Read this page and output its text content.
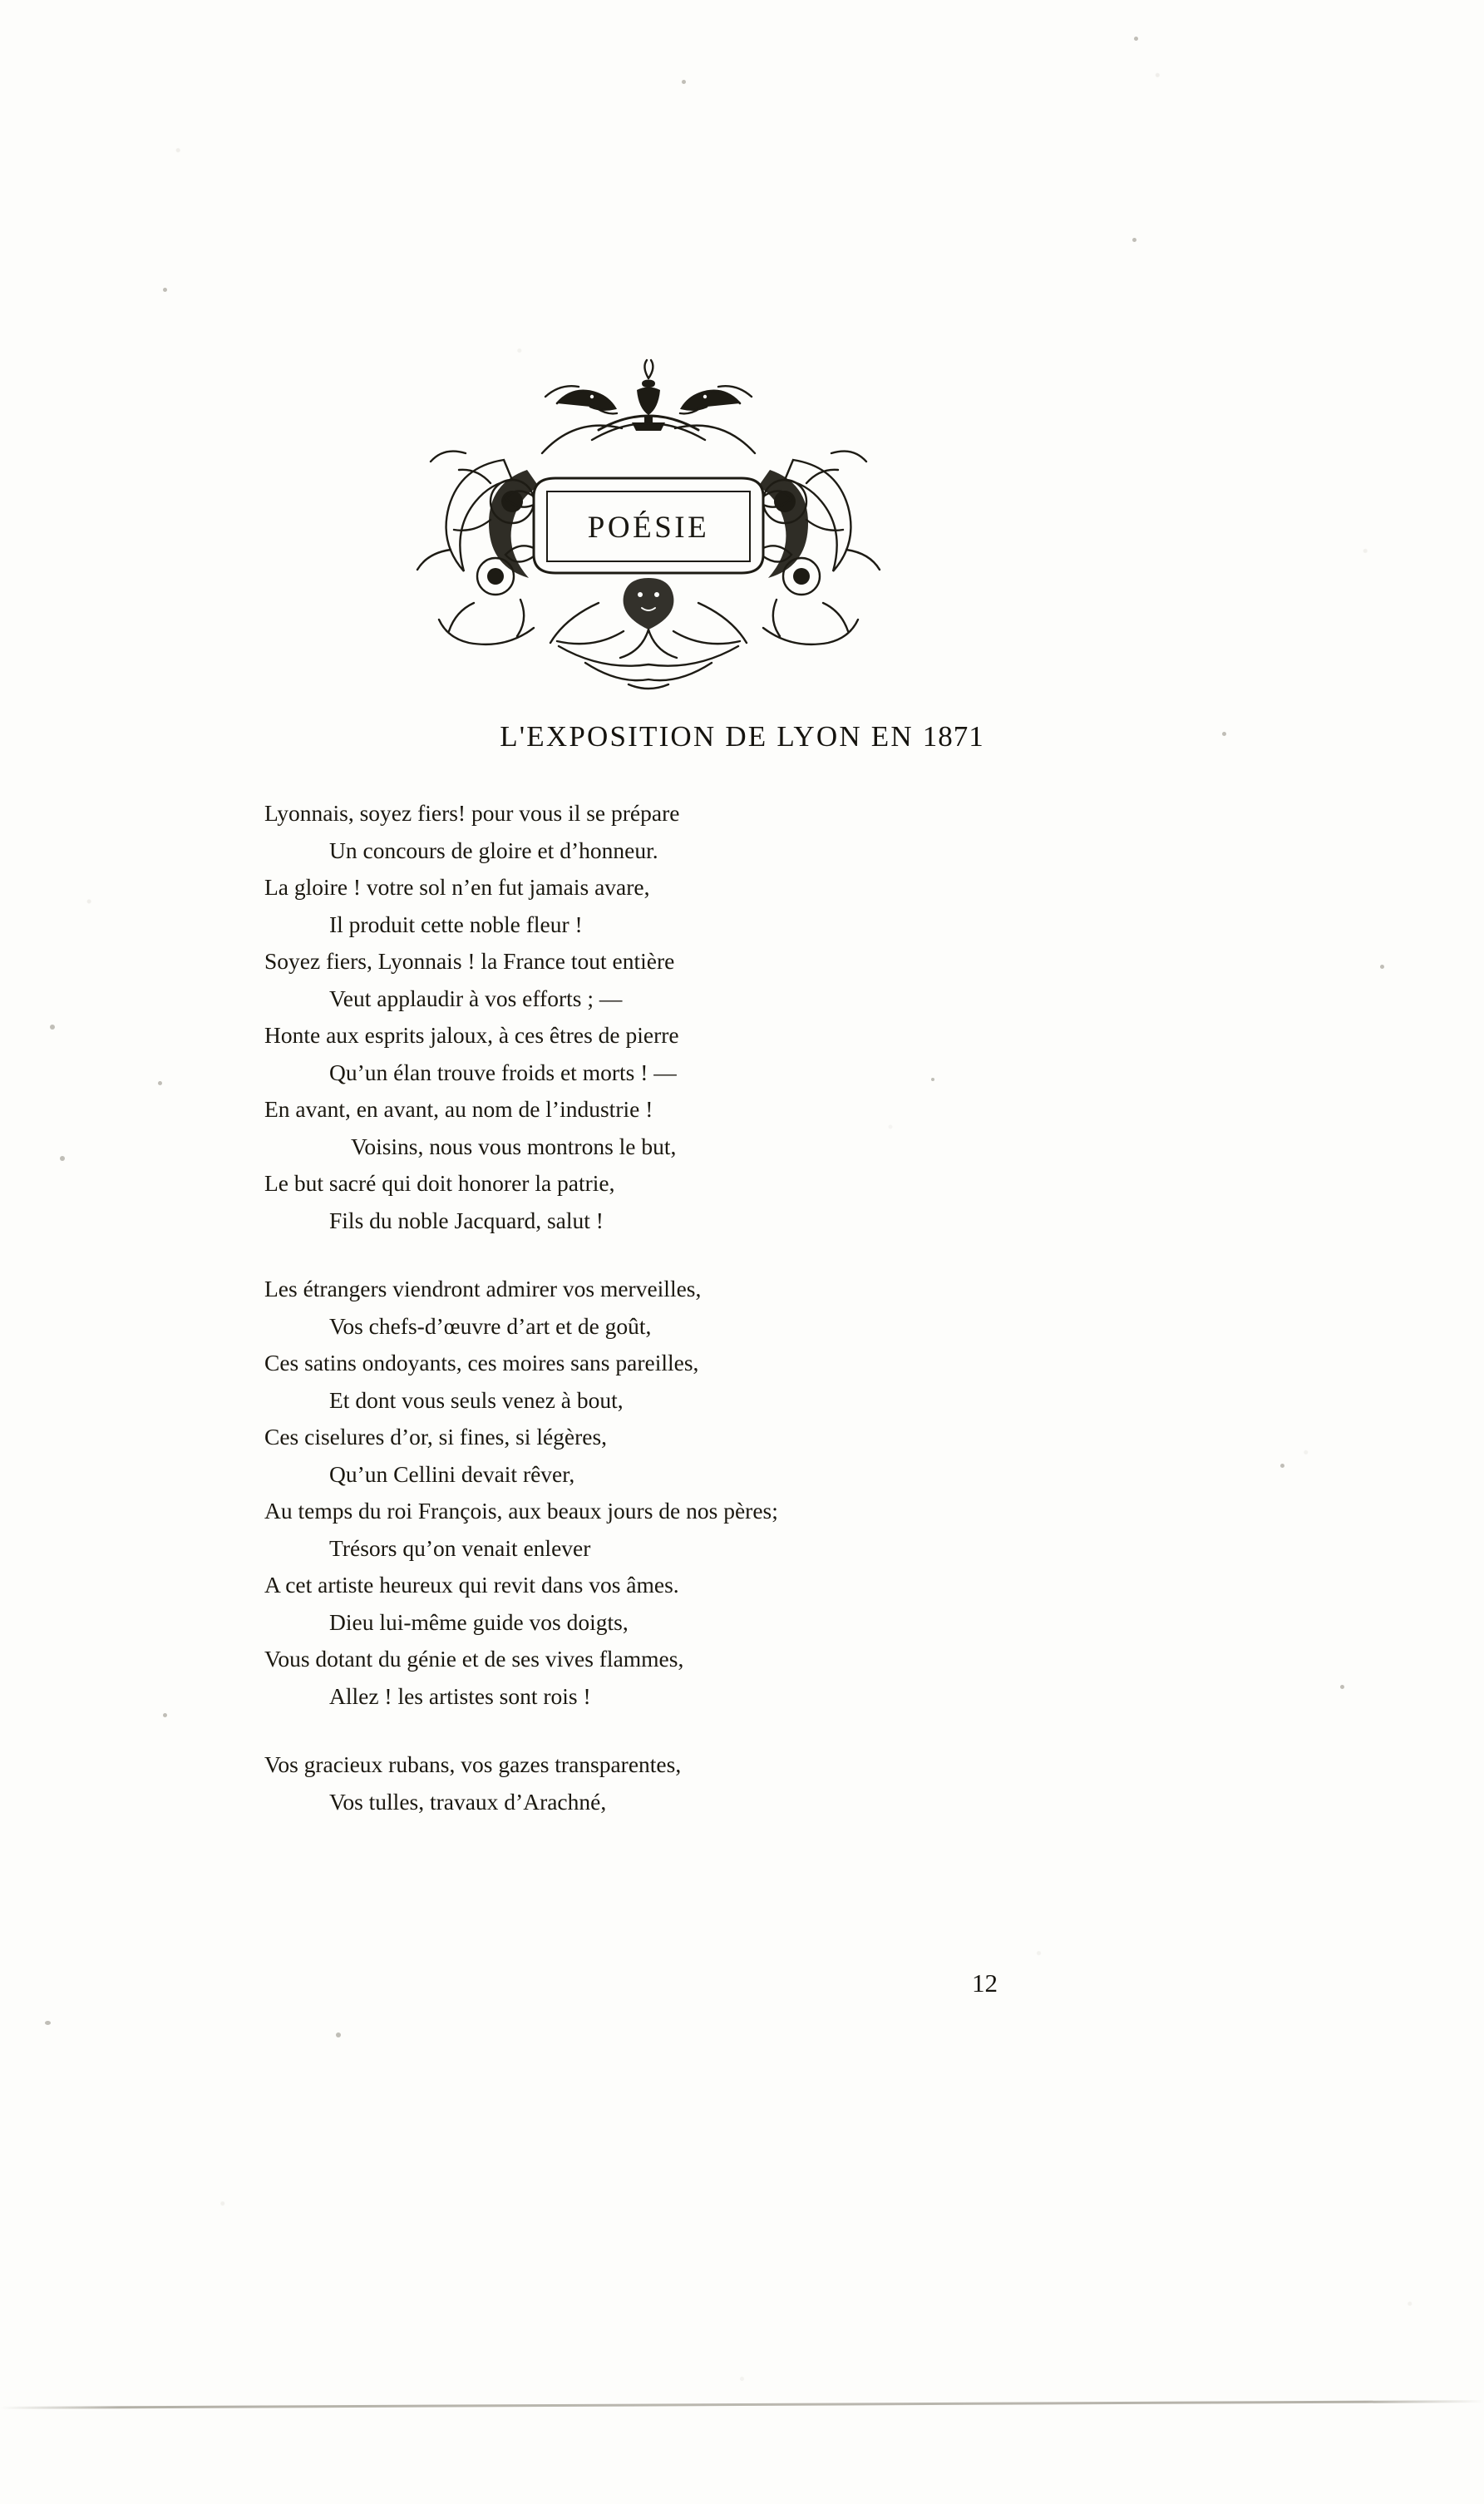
POÉSIE
L'EXPOSITION DE LYON EN 1871
Lyonnais, soyez fiers! pour vous il se prépare
Un concours de gloire et d’honneur.
La gloire ! votre sol n’en fut jamais avare,
Il produit cette noble fleur !
Soyez fiers, Lyonnais ! la France tout entière
Veut applaudir à vos efforts ; —
Honte aux esprits jaloux, à ces êtres de pierre
Qu’un élan trouve froids et morts ! —
En avant, en avant, au nom de l’industrie !
Voisins, nous vous montrons le but,
Le but sacré qui doit honorer la patrie,
Fils du noble Jacquard, salut !
Les étrangers viendront admirer vos merveilles,
Vos chefs-d’œuvre d’art et de goût,
Ces satins ondoyants, ces moires sans pareilles,
Et dont vous seuls venez à bout,
Ces ciselures d’or, si fines, si légères,
Qu’un Cellini devait rêver,
Au temps du roi François, aux beaux jours de nos pères;
Trésors qu’on venait enlever
A cet artiste heureux qui revit dans vos âmes.
Dieu lui-même guide vos doigts,
Vous dotant du génie et de ses vives flammes,
Allez ! les artistes sont rois !
Vos gracieux rubans, vos gazes transparentes,
Vos tulles, travaux d’Arachné,
12
